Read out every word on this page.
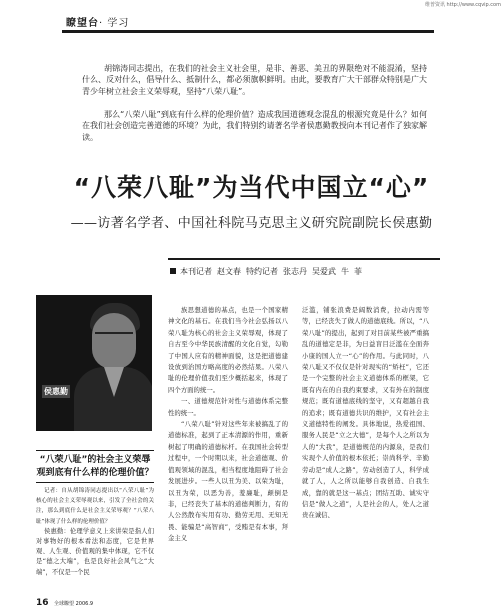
维普资讯 http://www.cqvip.com
瞭望台· 学习

胡锦涛同志提出，在我们的社会主义社会里，是非、善恶、美丑的界限绝对不能混淆，坚持什么、反对什么，倡导什么、抵制什么，都必须旗帜鲜明。由此，要教育广大干部群众特别是广大青少年树立社会主义荣辱观，坚持“八荣八耻”。

那么“八荣八耻”到底有什么样的伦理价值？造成我国道德观念混乱的根源究竟是什么？如何在我们社会创造完善道德的环境？为此，我们特别约请著名学者侯惠勤教授向本刊记者作了独家解读。

“八荣八耻”为当代中国立“心”
——访著名学者、中国社科院马克思主义研究院副院长侯惠勤
本刊记者 赵文春 特约记者 张志丹 吴爱武 牛 菲
侯惠勤

“八荣八耻”的社会主义荣辱观到底有什么样的伦理价值？

记者：自从胡锦涛同志提出以“八荣八耻”为核心的社会主义荣辱观以来，引发了全社会的关注，那么到底什么是社会主义荣辱观？“八荣八耻”体现了什么样的伦理价值？

侯惠勤：伦理学意义上来讲荣是指人们对事物好的根本看法和态度，它是世界观、人生观、价值观的集中体现，它不仅是“德之大端”，也是良好社会风气之“大端”，不仅是一个民

族思想道德的基点，也是一个国家精神文化的基石。在我们当今社会弘扬以八荣八耻为核心的社会主义荣辱观，体现了自古至今中华民族清醒的文化自觉，勾勒了中国人应有的精神面貌，这是把道德建设放到治国方略高度的必然结果。八荣八耻的伦理价值我们至少概括起来，体现了四个方面的统一。

一、道德规范针对性与道德体系完整性的统一。

“八荣八耻”针对这些年来被搞乱了的道德标准，起到了正本清源的作用，重新树起了明确的道德标杆。在我国社会转型过程中，一个时期以来，社会道德观、价值观领域的混乱，相当程度地阻碍了社会发展进步。一些人以丑为美、以荣为耻，以丑为荣，以恶为善，羞廉耻，颠倒是非，已经丧失了基本的道德判断力，有的人公然散布实用有功、勤劳无用、无知无畏、能骗是“高智商”，受贿是有本事，拜金主义

泛滥，铺张浪费是阔数消费，拉动内需等等，已经丧失了做人的道德底线。所以，“八荣八耻”的提出，起到了对目前某些被严重搞乱的道德定是非，为日益盲目泛滥在全面奔小康的国人立一“心”的作用。与此同时，八荣八耻又不仅仅是针对现实的“矫枉”，它还是一个完整的社会主义道德体系的框架，它既有内在的自我约束要求，又有外在的制度规范；既有道德底线的坚守，又有超越自我的追求；既有道德共识的维护，又有社会主义道德特性的阐发。具体地说，热爱祖国、服务人民是“立之大德”，是每个人之所以为人的“大我”，是道德规范的内源泉，是我们实现个人价值的根本依托；崇尚科学、辛勤劳动是“成人之路”，劳动创造了人，科学成就了人，人之所以能够自我创造、自我生成，靠的就是这一基点；团结互助、诚实守信是“做人之道”，人是社会的人，处人之道贵在诚信、

16 全球瞭望 2006.9
